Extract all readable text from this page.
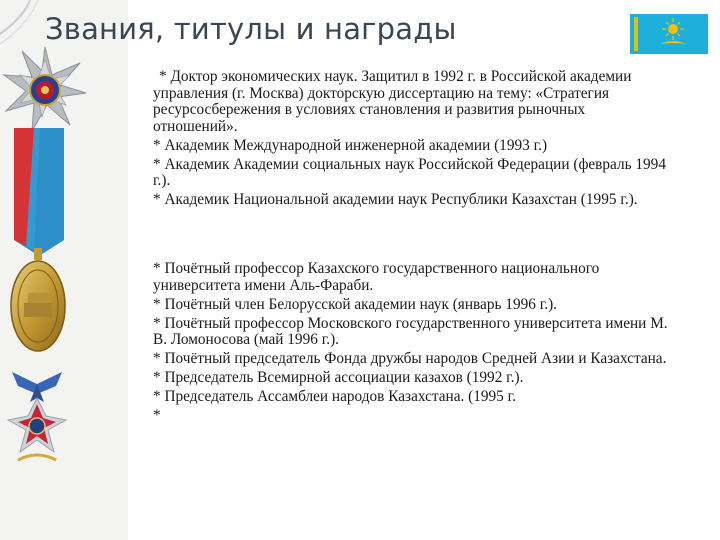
Звания, титулы и награды

* Доктор экономических наук. Защитил в 1992 г. в Российской академии управления (г. Москва) докторскую диссертацию на тему: «Стратегия ресурсосбережения в условиях становления и развития рыночных отношений».

* Академик Международной инженерной академии (1993 г.)

* Академик Академии социальных наук Российской Федерации (февраль 1994 г.).

* Академик Национальной академии наук Республики Казахстан (1995 г.).

* Почётный профессор Казахского государственного национального университета имени Аль-Фараби.

* Почётный член Белорусской академии наук (январь 1996 г.).

* Почётный профессор Московского государственного университета имени М. В. Ломоносова (май 1996 г.).

* Почётный председатель Фонда дружбы народов Средней Азии и Казахстана.

* Председатель Всемирной ассоциации казахов (1992 г.).

* Председатель Ассамблеи народов Казахстана. (1995 г.

*
